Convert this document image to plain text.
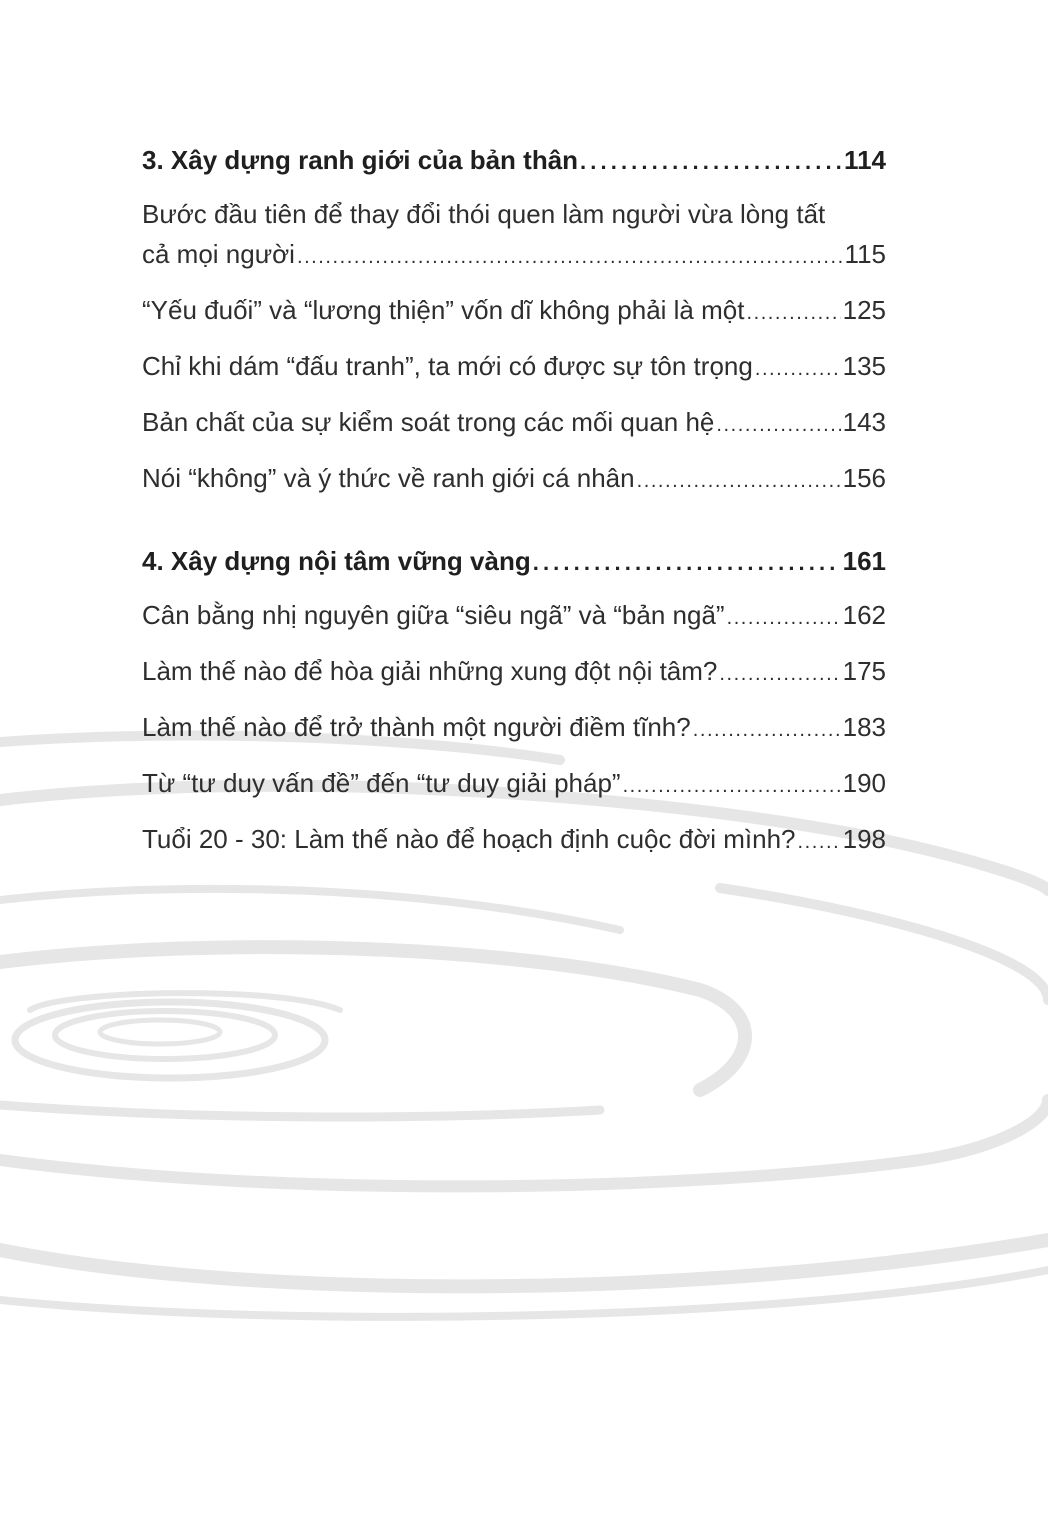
3. Xây dựng ranh giới của bản thân . . .	114
Bước đầu tiên để thay đổi thói quen làm người vừa lòng tất
cả mọi người . . .	115
“Yếu đuối” và “lương thiện” vốn dĩ không phải là một . . .	125
Chỉ khi dám “đấu tranh”, ta mới có được sự tôn trọng . . .	135
Bản chất của sự kiểm soát trong các mối quan hệ . . .	143
Nói “không” và ý thức về ranh giới cá nhân . . .	156
4. Xây dựng nội tâm vững vàng . . .	161
Cân bằng nhị nguyên giữa “siêu ngã” và “bản ngã” . . .	162
Làm thế nào để hòa giải những xung đột nội tâm? . . .	175
Làm thế nào để trở thành một người điềm tĩnh? . . .	183
Từ “tư duy vấn đề” đến “tư duy giải pháp” . . .	190
Tuổi 20 - 30: Làm thế nào để hoạch định cuộc đời mình? . . . 198
